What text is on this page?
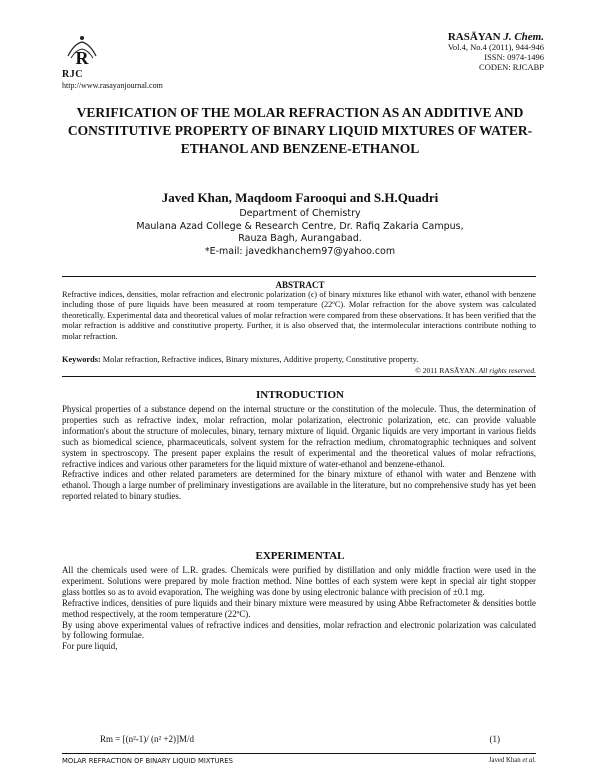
R
RJC
http://www.rasayanjournal.com
RASĀYAN J. Chem.
Vol.4, No.4 (2011), 944-946
ISSN: 0974-1496
CODEN: RJCABP
VERIFICATION OF THE MOLAR REFRACTION AS AN ADDITIVE AND CONSTITUTIVE PROPERTY OF BINARY LIQUID MIXTURES OF WATER-ETHANOL AND BENZENE-ETHANOL
Javed Khan, Maqdoom Farooqui and S.H.Quadri
Department of Chemistry
Maulana Azad College & Research Centre, Dr. Rafiq Zakaria Campus,
Rauza Bagh, Aurangabad.
*E-mail: javedkhanchem97@yahoo.com
ABSTRACT
Refractive indices, densities, molar refraction and electronic polarization (ϵ) of binary mixtures like ethanol with water, ethanol with benzene including those of pure liquids have been measured at room temperature (22ºC). Molar refraction for the above system was calculated theoretically. Experimental data and theoretical values of molar refraction were compared from these observations. It has been verified that the molar refraction is additive and constitutive property. Further, it is also observed that, the intermolecular interactions contribute nothing to molar refraction.
Keywords: Molar refraction, Refractive indices, Binary mixtures, Additive property, Constitutive property.
© 2011 RASĀYAN. All rights reserved.
INTRODUCTION

Physical properties of a substance depend on the internal structure or the constitution of the molecule. Thus, the determination of properties such as refractive index, molar refraction, molar polarization, electronic polarization, etc. can provide valuable information's about the structure of molecules, binary, ternary mixture of liquid. Organic liquids are very important in various fields such as biomedical science, pharmaceuticals, solvent system for the refraction medium, chromatographic techniques and solvent system in spectroscopy. The present paper explains the result of experimental and the theoretical values of molar refractions, refractive indices and various other parameters for the liquid mixture of water-ethanol and benzene-ethanol.

Refractive indices and other related parameters are determined for the binary mixture of ethanol with water and Benzene with ethanol. Though a large number of preliminary investigations are available in the literature, but no comprehensive study has yet been reported related to binary studies.

EXPERIMENTAL

All the chemicals used were of L.R. grades. Chemicals were purified by distillation and only middle fraction were used in the experiment. Solutions were prepared by mole fraction method. Nine bottles of each system were kept in special air tight stopper glass bottles so as to avoid evaporation. The weighing was done by using electronic balance with precision of ±0.1 mg.

Refractive indices, densities of pure liquids and their binary mixture were measured by using Abbe Refractometer & densities bottle method respectively, at the room temperature (22ºC).

By using above experimental values of refractive indices and densities, molar refraction and electronic polarization was calculated by following formulae.

For pure liquid,

Rm = [(n²-1)/ (n² +2)]M/d	(1)
MOLAR REFRACTION OF BINARY LIQUID MIXTURES	Javed Khan et al.
